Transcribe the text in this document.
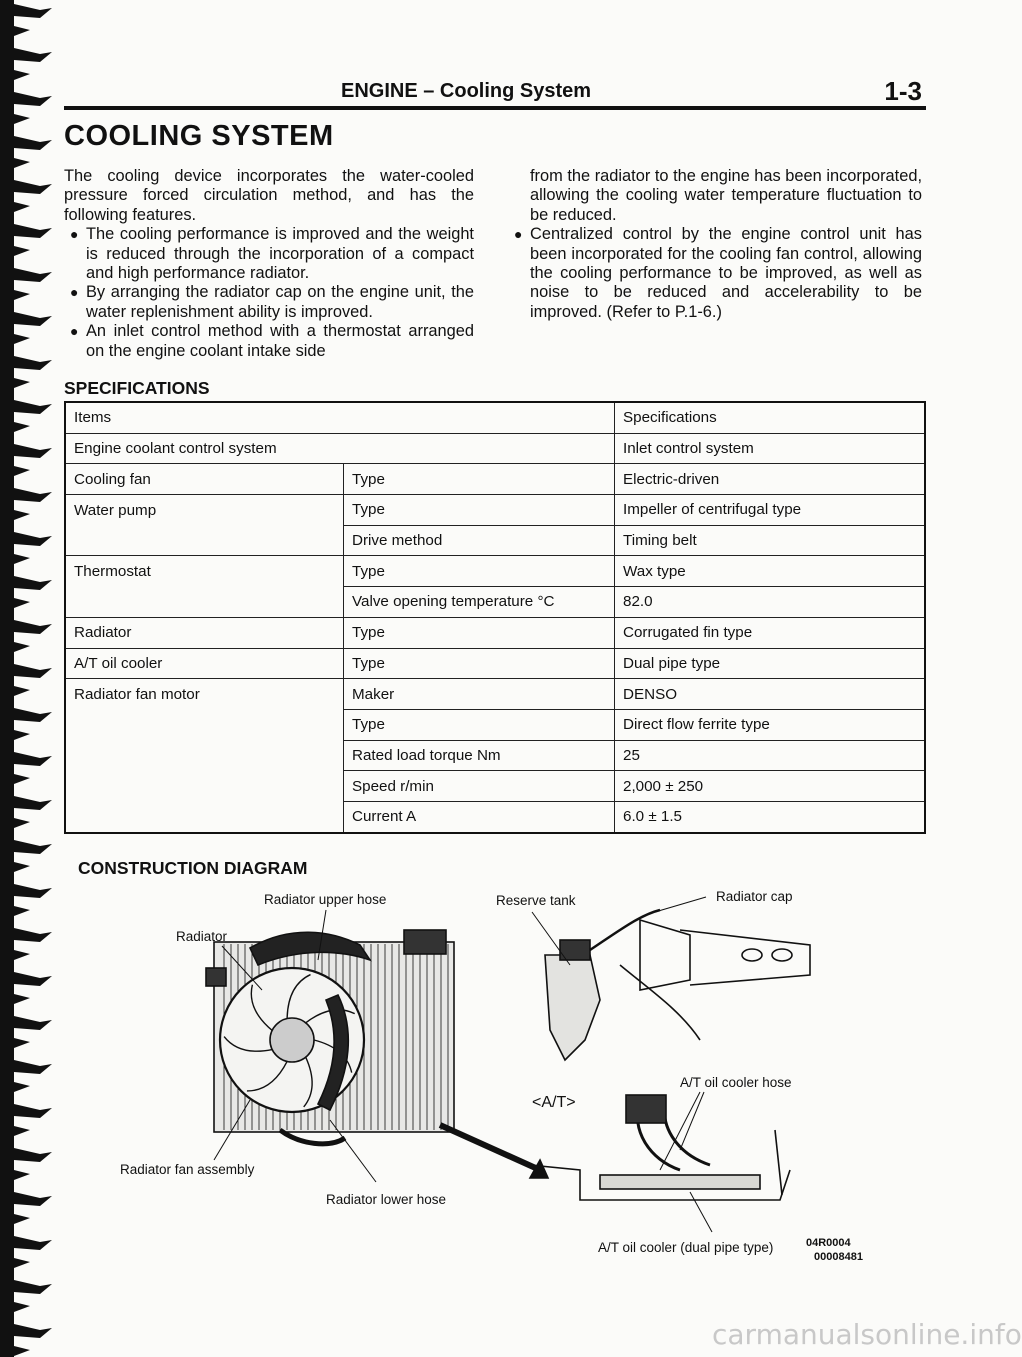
ENGINE – Cooling System	1-3
COOLING SYSTEM

The cooling device incorporates the water-cooled pressure forced circulation method, and has the following features.

● The cooling performance is improved and the weight is reduced through the incorporation of a compact and high performance radiator.
● By arranging the radiator cap on the engine unit, the water replenishment ability is improved.
● An inlet control method with a thermostat arranged on the engine coolant intake side
from the radiator to the engine has been incorporated, allowing the cooling water temperature fluctuation to be reduced.
● Centralized control by the engine control unit has been incorporated for the cooling fan control, allowing the cooling performance to be improved, as well as noise to be reduced and accelerability to be improved. (Refer to P.1-6.)
SPECIFICATIONS
Items		Specifications
Engine coolant control system		Inlet control system
Cooling fan	Type	Electric-driven
Water pump	Type	Impeller of centrifugal type
	Drive method	Timing belt
Thermostat	Type	Wax type
	Valve opening temperature °C	82.0
Radiator	Type	Corrugated fin type
A/T oil cooler	Type	Dual pipe type
Radiator fan motor	Maker	DENSO
	Type	Direct flow ferrite type
	Rated load torque Nm	25
	Speed r/min	2,000 ± 250
	Current A	6.0 ± 1.5
CONSTRUCTION DIAGRAM
Radiator upper hose
Radiator
Radiator fan assembly
Radiator lower hose
Reserve tank	Radiator cap
<A/T>
A/T oil cooler hose
A/T oil cooler (dual pipe type)	04R0004
00008481
carmanualsonline.info
